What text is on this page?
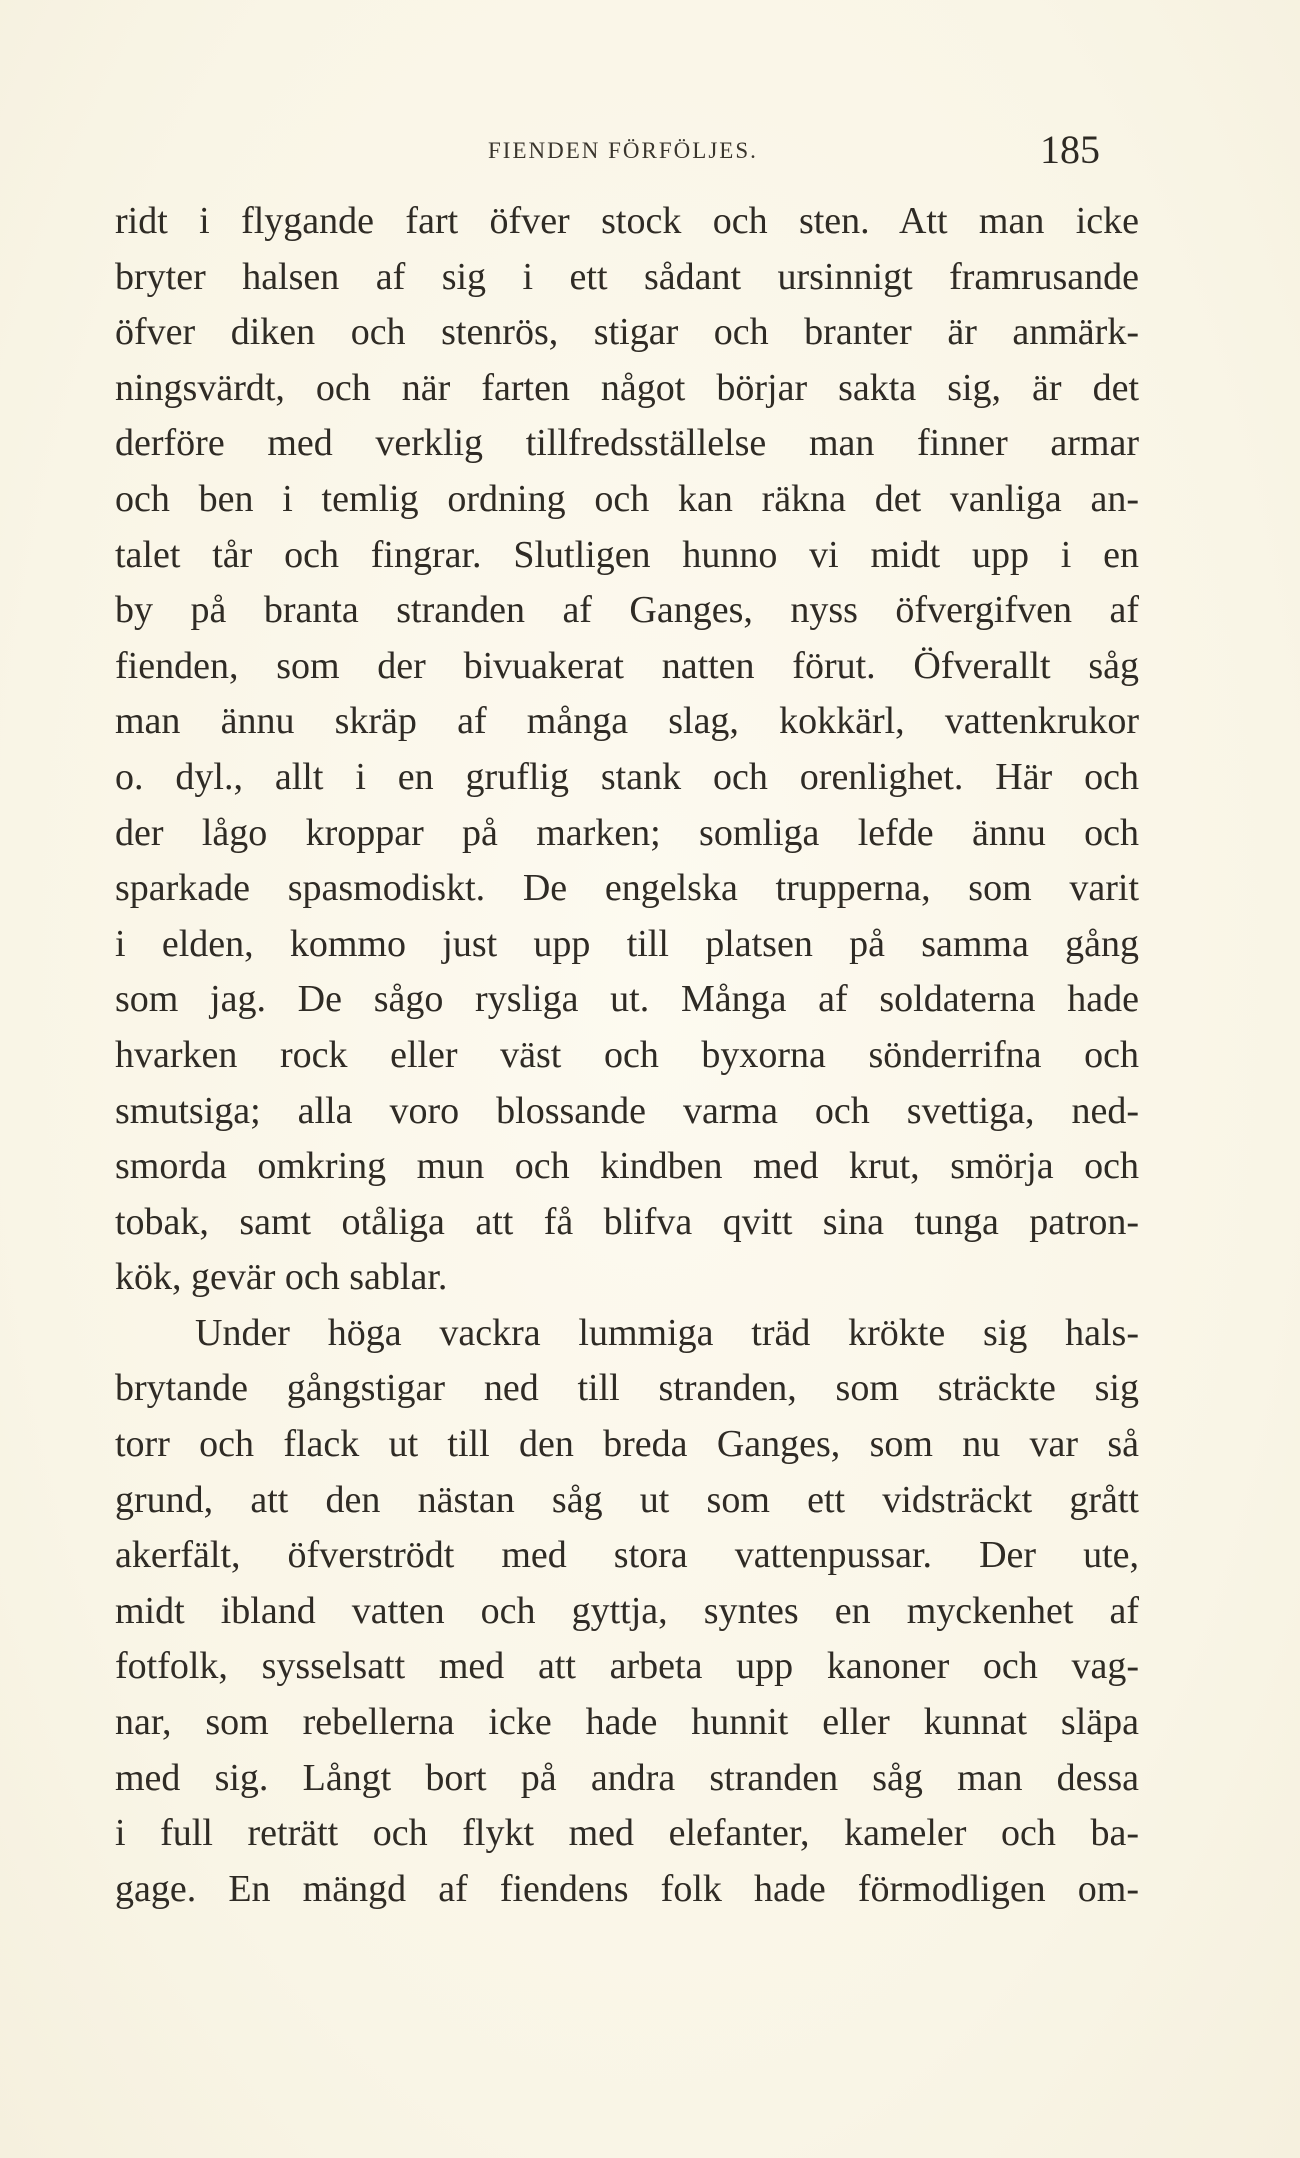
FIENDEN FÖRFÖLJES.	185
ridt i flygande fart öfver stock och sten. Att man icke
bryter halsen af sig i ett sådant ursinnigt framrusande
öfver diken och stenrös, stigar och branter är anmärk-
ningsvärdt, och när farten något börjar sakta sig, är det
derföre med verklig tillfredsställelse man finner armar
och ben i temlig ordning och kan räkna det vanliga an-
talet tår och fingrar. Slutligen hunno vi midt upp i en
by på branta stranden af Ganges, nyss öfvergifven af
fienden, som der bivuakerat natten förut. Öfverallt såg
man ännu skräp af många slag, kokkärl, vattenkrukor
o. dyl., allt i en gruflig stank och orenlighet. Här och
der lågo kroppar på marken; somliga lefde ännu och
sparkade spasmodiskt. De engelska trupperna, som varit
i elden, kommo just upp till platsen på samma gång
som jag. De sågo rysliga ut. Många af soldaterna hade
hvarken rock eller väst och byxorna sönderrifna och
smutsiga; alla voro blossande varma och svettiga, ned-
smorda omkring mun och kindben med krut, smörja och
tobak, samt otåliga att få blifva qvitt sina tunga patron-
kök, gevär och sablar.
Under höga vackra lummiga träd krökte sig hals-
brytande gångstigar ned till stranden, som sträckte sig
torr och flack ut till den breda Ganges, som nu var så
grund, att den nästan såg ut som ett vidsträckt grått
akerfält, öfverströdt med stora vattenpussar. Der ute,
midt ibland vatten och gyttja, syntes en myckenhet af
fotfolk, sysselsatt med att arbeta upp kanoner och vag-
nar, som rebellerna icke hade hunnit eller kunnat släpa
med sig. Långt bort på andra stranden såg man dessa
i full reträtt och flykt med elefanter, kameler och ba-
gage. En mängd af fiendens folk hade förmodligen om-
